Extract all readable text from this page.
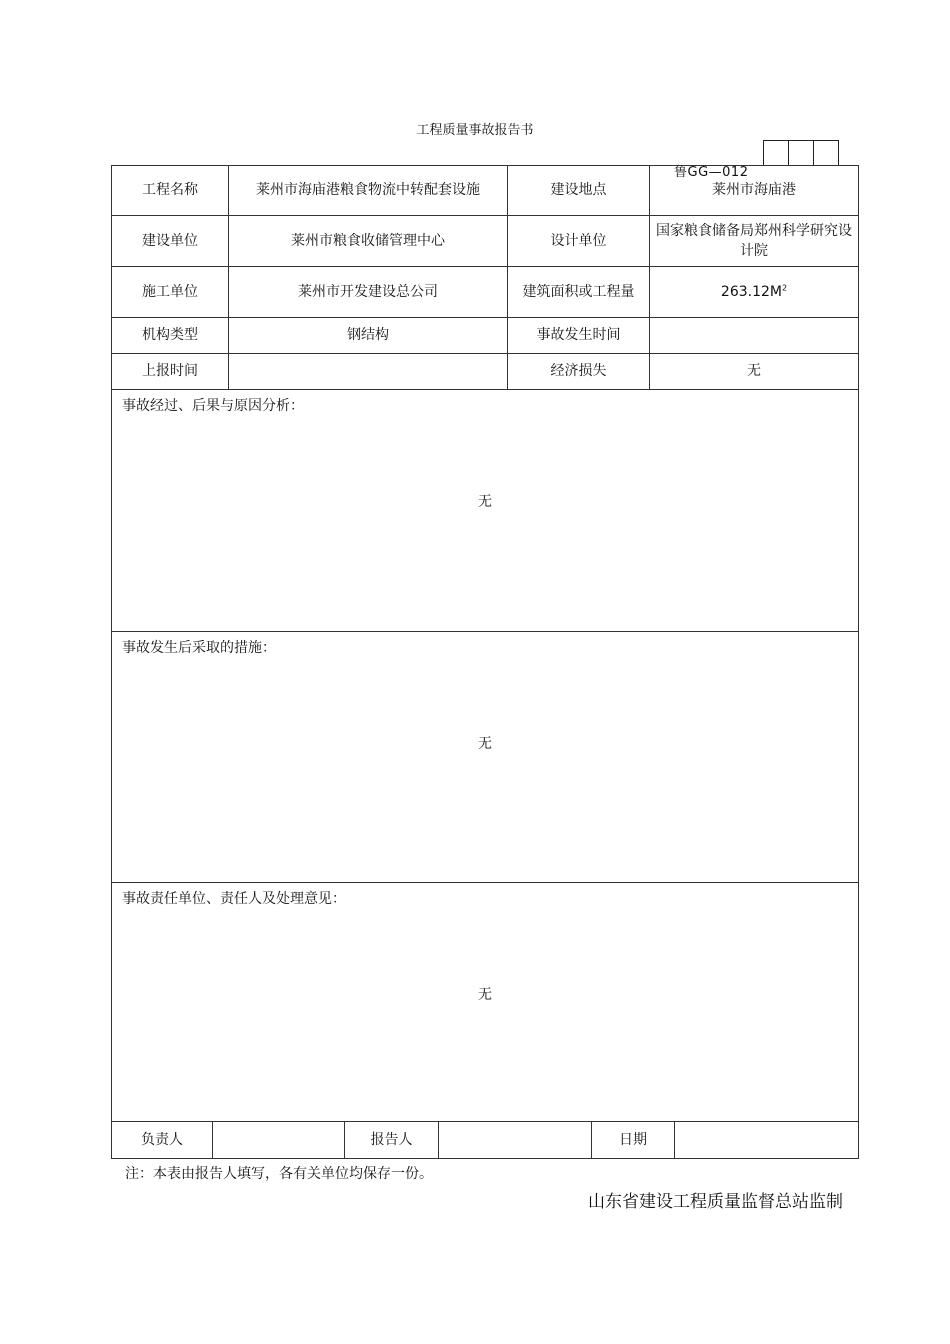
工程质量事故报告书
鲁GG—012
工程名称	莱州市海庙港粮食物流中转配套设施	建设地点	莱州市海庙港
建设单位	莱州市粮食收储管理中心	设计单位	国家粮食储备局郑州科学研究设计院
施工单位	莱州市开发建设总公司	建筑面积或工程量	$263.12M^2$
机构类型	钢结构	事故发生时间	
上报时间		经济损失	无

事故经过、后果与原因分析：
无			

事故发生后采取的措施：
无			

事故责任单位、责任人及处理意见：
无			
负责人		报告人		日期	
注：本表由报告人填写，各有关单位均保存一份。
山东省建设工程质量监督总站监制
